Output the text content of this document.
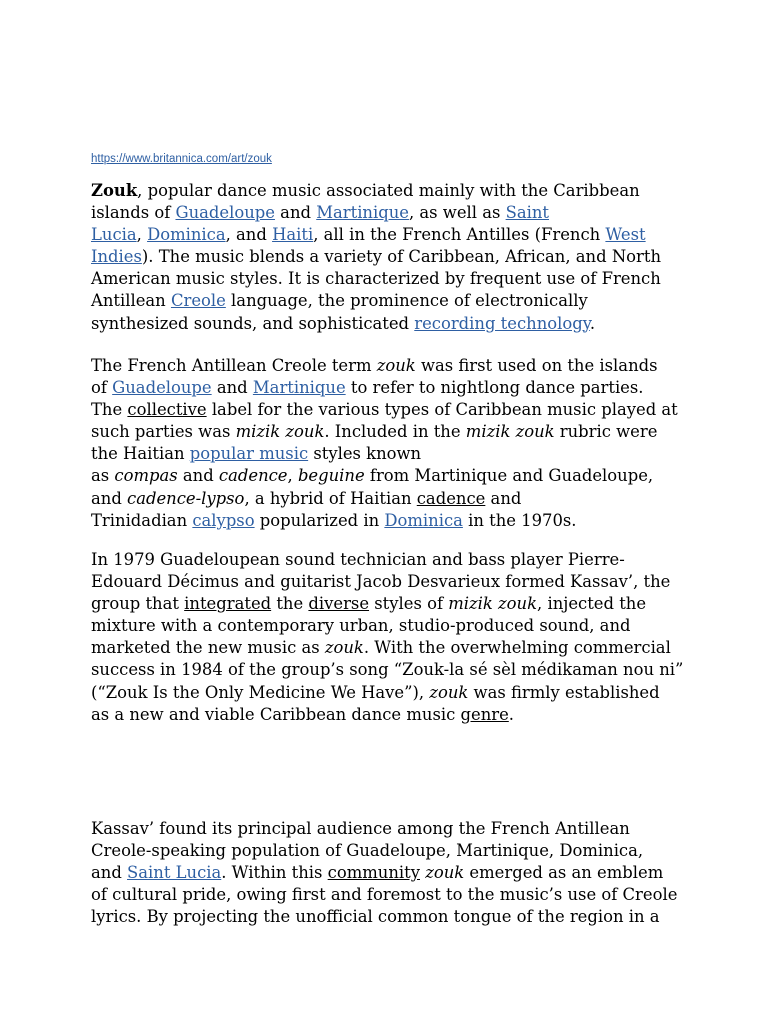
https://www.britannica.com/art/zouk
Zouk, popular dance music associated mainly with the Caribbean
islands of Guadeloupe and Martinique, as well as Saint
Lucia, Dominica, and Haiti, all in the French Antilles (French West
Indies). The music blends a variety of Caribbean, African, and North
American music styles. It is characterized by frequent use of French
Antillean Creole language, the prominence of electronically
synthesized sounds, and sophisticated recording technology.
The French Antillean Creole term zouk was first used on the islands
of Guadeloupe and Martinique to refer to nightlong dance parties.
The collective label for the various types of Caribbean music played at
such parties was mizik zouk. Included in the mizik zouk rubric were
the Haitian popular music styles known
as compas and cadence, beguine from Martinique and Guadeloupe,
and cadence-lypso, a hybrid of Haitian cadence and
Trinidadian calypso popularized in Dominica in the 1970s.
In 1979 Guadeloupean sound technician and bass player Pierre-
Edouard Décimus and guitarist Jacob Desvarieux formed Kassav’, the
group that integrated the diverse styles of mizik zouk, injected the
mixture with a contemporary urban, studio-produced sound, and
marketed the new music as zouk. With the overwhelming commercial
success in 1984 of the group’s song “Zouk-la sé sèl médikaman nou ni”
(“Zouk Is the Only Medicine We Have”), zouk was firmly established
as a new and viable Caribbean dance music genre.
Kassav’ found its principal audience among the French Antillean
Creole-speaking population of Guadeloupe, Martinique, Dominica,
and Saint Lucia. Within this community zouk emerged as an emblem
of cultural pride, owing first and foremost to the music’s use of Creole
lyrics. By projecting the unofficial common tongue of the region in a
